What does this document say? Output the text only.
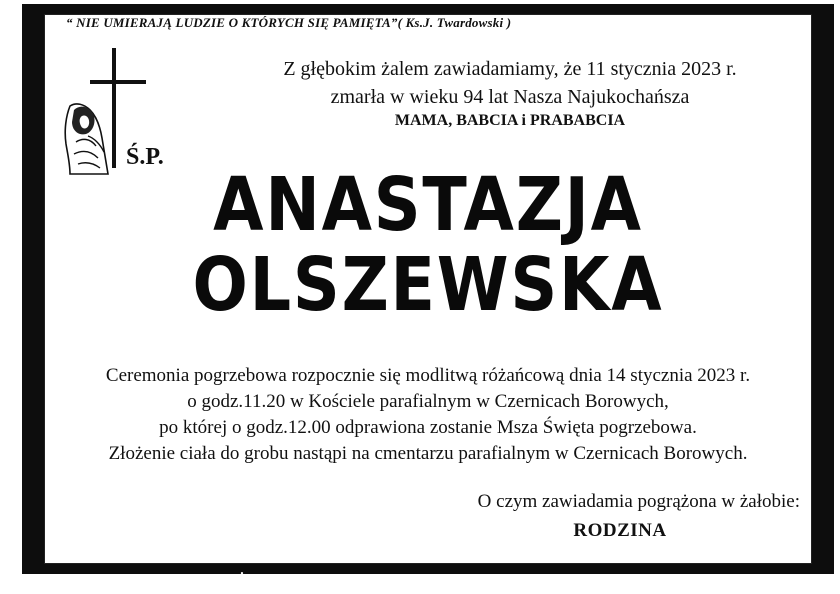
“ NIE UMIERAJĄ LUDZIE O KTÓRYCH SIĘ PAMIĘTA”( Ks.J. Twardowski )
Z głębokim żalem zawiadamiamy, że 11 stycznia 2023 r.
zmarła w wieku 94 lat Nasza Najukochańsza
MAMA, BABCIA i PRABABCIA
Ś.P.
ANASTAZJA
OLSZEWSKA
Ceremonia pogrzebowa rozpocznie się modlitwą różańcową dnia 14 stycznia 2023 r.
o godz.11.20 w Kościele parafialnym w Czernicach Borowych,
po której o godz.12.00 odprawiona zostanie Msza Święta pogrzebowa.
Złożenie ciała do grobu nastąpi na cmentarzu parafialnym w Czernicach Borowych.
O czym zawiadamia pogrążona w żałobie:
RODZINA
DRUK: Z.U.P. "HADES" R.Żurawski tel. 023 672 14 88, 662 198 820
